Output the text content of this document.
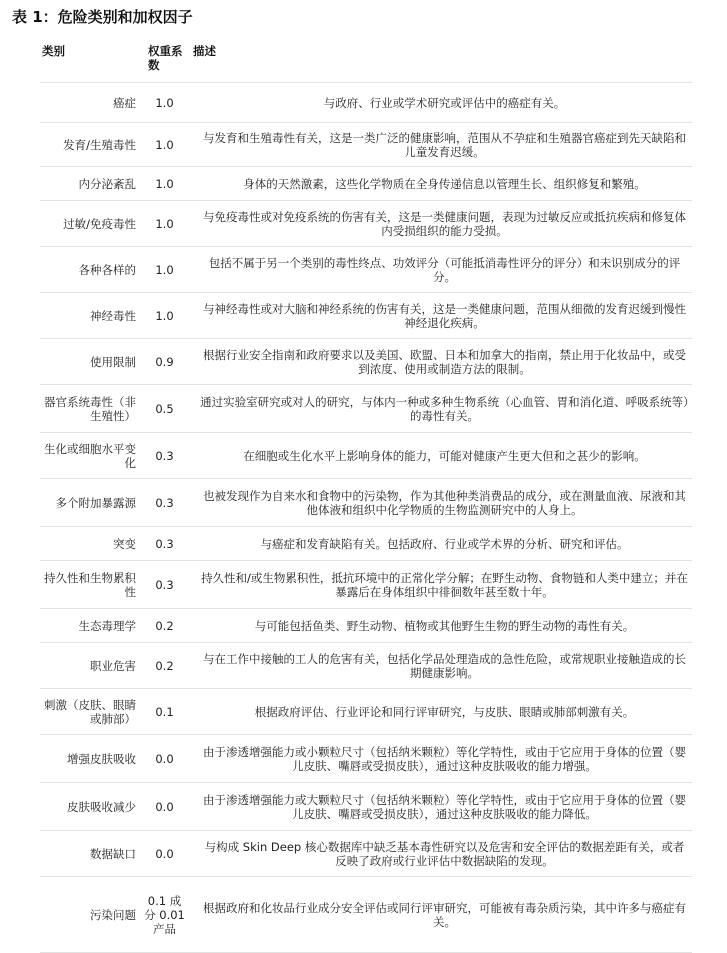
表 1：危险类别和加权因子
类别	权重系数	描述
癌症	1.0	与政府、行业或学术研究或评估中的癌症有关。
发育/生殖毒性	1.0	与发育和生殖毒性有关，这是一类广泛的健康影响，范围从不孕症和生殖器官癌症到先天缺陷和儿童发育迟缓。
内分泌紊乱	1.0	身体的天然激素，这些化学物质在全身传递信息以管理生长、组织修复和繁殖。
过敏/免疫毒性	1.0	与免疫毒性或对免疫系统的伤害有关，这是一类健康问题，表现为过敏反应或抵抗疾病和修复体内受损组织的能力受损。
各种各样的	1.0	包括不属于另一个类别的毒性终点、功效评分（可能抵消毒性评分的评分）和未识别成分的评分。
神经毒性	1.0	与神经毒性或对大脑和神经系统的伤害有关，这是一类健康问题，范围从细微的发育迟缓到慢性神经退化疾病。
使用限制	0.9	根据行业安全指南和政府要求以及美国、欧盟、日本和加拿大的指南，禁止用于化妆品中，或受到浓度、使用或制造方法的限制。
器官系统毒性（非生殖性）	0.5	通过实验室研究或对人的研究，与体内一种或多种生物系统（心血管、胃和消化道、呼吸系统等）的毒性有关。
生化或细胞水平变化	0.3	在细胞或生化水平上影响身体的能力，可能对健康产生更大但和之甚少的影响。
多个附加暴露源	0.3	也被发现作为自来水和食物中的污染物，作为其他种类消费品的成分，或在测量血液、尿液和其他体液和组织中化学物质的生物监测研究中的人身上。
突变	0.3	与癌症和发育缺陷有关。包括政府、行业或学术界的分析、研究和评估。
持久性和生物累积性	0.3	持久性和/或生物累积性，抵抗环境中的正常化学分解；在野生动物、食物链和人类中建立；并在暴露后在身体组织中徘徊数年甚至数十年。
生态毒理学	0.2	与可能包括鱼类、野生动物、植物或其他野生生物的野生动物的毒性有关。
职业危害	0.2	与在工作中接触的工人的危害有关，包括化学品处理造成的急性危险，或常规职业接触造成的长期健康影响。
刺激（皮肤、眼睛或肺部）	0.1	根据政府评估、行业评论和同行评审研究，与皮肤、眼睛或肺部刺激有关。
增强皮肤吸收	0.0	由于渗透增强能力或小颗粒尺寸（包括纳米颗粒）等化学特性，或由于它应用于身体的位置（婴儿皮肤、嘴唇或受损皮肤），通过这种皮肤吸收的能力增强。
皮肤吸收减少	0.0	由于渗透增强能力或大颗粒尺寸（包括纳米颗粒）等化学特性，或由于它应用于身体的位置（婴儿皮肤、嘴唇或受损皮肤），通过这种皮肤吸收的能力降低。
数据缺口	0.0	与构成 Skin Deep 核心数据库中缺乏基本毒性研究以及危害和安全评估的数据差距有关，或者反映了政府或行业评估中数据缺陷的发现。
污染问题	0.1 成分 0.01 产品	根据政府和化妆品行业成分安全评估或同行评审研究，可能被有毒杂质污染，其中许多与癌症有关。
